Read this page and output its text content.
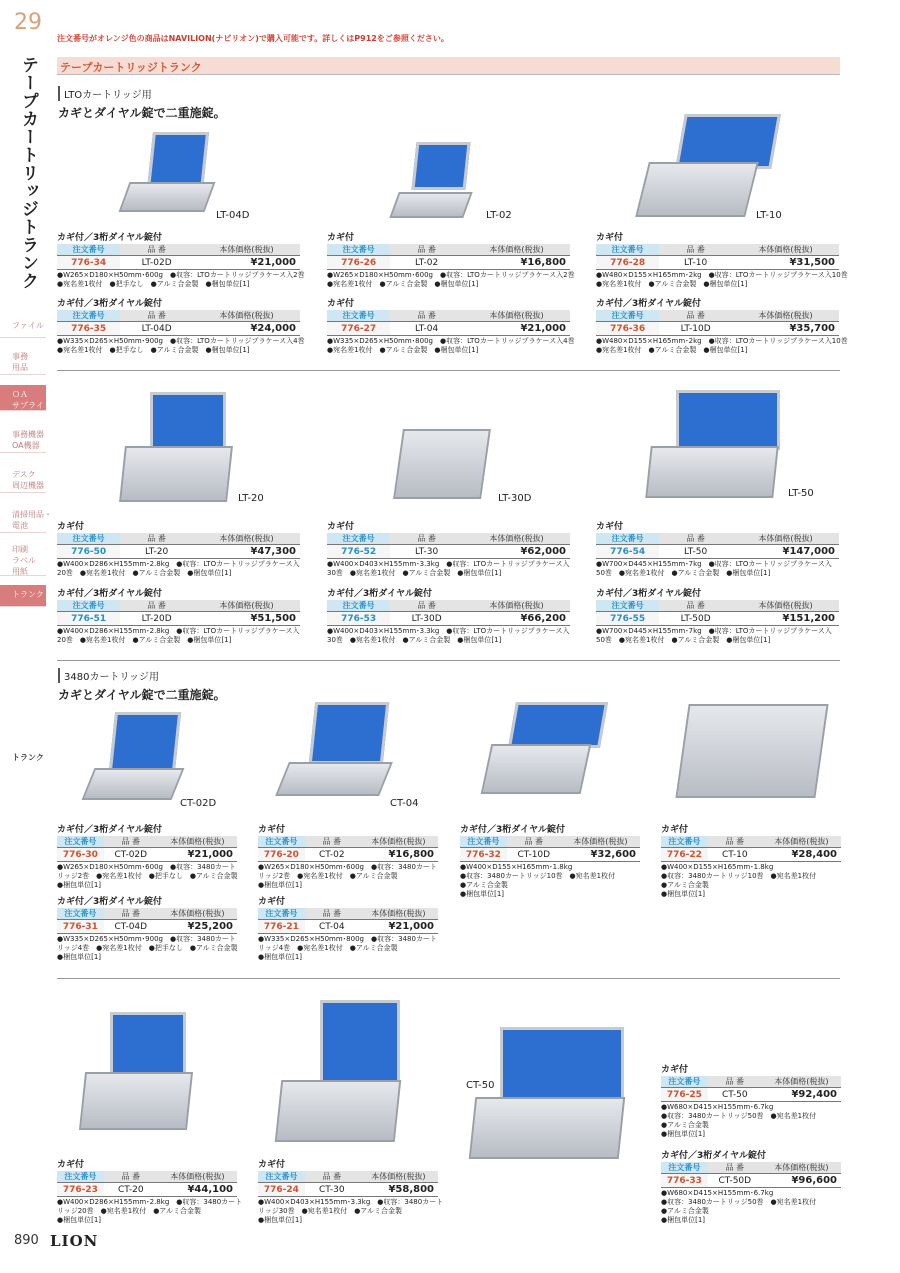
29
テープカートリッジトランク
ファイル
事務
用品
ＯＡ
サプライ
事務機器
OA機器
デスク
周辺機器
清掃用品・
電池
印刷
ラベル
用紙
トランク
トランク
注文番号がオレンジ色の商品はNAVILION(ナビリオン)で購入可能です。詳しくはP912をご参照ください。
テープカートリッジトランク
LTOカートリッジ用
カギとダイヤル錠で二重施錠。
LT-04D	LT-02	LT-10
カギ付／3桁ダイヤル錠付
注文番号	品 番	本体価格(税抜)
776-34	LT-02D	¥21,000
●W265×D180×H50mm･600g　●収容：LTOカートリッジプラケース入2巻
●宛名差1枚付　●把手なし　●アルミ合金製　●梱包単位[1]
カギ付
注文番号	品 番	本体価格(税抜)
776-26	LT-02	¥16,800
●W265×D180×H50mm･600g　●収容：LTOカートリッジプラケース入2巻
●宛名差1枚付　●アルミ合金製　●梱包単位[1]
カギ付
注文番号	品 番	本体価格(税抜)
776-28	LT-10	¥31,500
●W480×D155×H165mm･2kg　●収容：LTOカートリッジプラケース入10巻
●宛名差1枚付　●アルミ合金製　●梱包単位[1]
カギ付／3桁ダイヤル錠付
注文番号	品 番	本体価格(税抜)
776-35	LT-04D	¥24,000
●W335×D265×H50mm･900g　●収容：LTOカートリッジプラケース入4巻
●宛名差1枚付　●把手なし　●アルミ合金製　●梱包単位[1]
カギ付
注文番号	品 番	本体価格(税抜)
776-27	LT-04	¥21,000
●W335×D265×H50mm･800g　●収容：LTOカートリッジプラケース入4巻
●宛名差1枚付　●アルミ合金製　●梱包単位[1]
カギ付／3桁ダイヤル錠付
注文番号	品 番	本体価格(税抜)
776-36	LT-10D	¥35,700
●W480×D155×H165mm･2kg　●収容：LTOカートリッジプラケース入10巻
●宛名差1枚付　●アルミ合金製　●梱包単位[1]
LT-20	LT-30D	LT-50
カギ付
注文番号	品 番	本体価格(税抜)
776-50	LT-20	¥47,300
●W400×D286×H155mm･2.8kg　●収容：LTOカートリッジプラケース入
20巻　●宛名差1枚付　●アルミ合金製　●梱包単位[1]
カギ付
注文番号	品 番	本体価格(税抜)
776-52	LT-30	¥62,000
●W400×D403×H155mm･3.3kg　●収容：LTOカートリッジプラケース入
30巻　●宛名差1枚付　●アルミ合金製　●梱包単位[1]
カギ付
注文番号	品 番	本体価格(税抜)
776-54	LT-50	¥147,000
●W700×D445×H155mm･7kg　●収容：LTOカートリッジプラケース入
50巻　●宛名差1枚付　●アルミ合金製　●梱包単位[1]
カギ付／3桁ダイヤル錠付
注文番号	品 番	本体価格(税抜)
776-51	LT-20D	¥51,500
●W400×D286×H155mm･2.8kg　●収容：LTOカートリッジプラケース入
20巻　●宛名差1枚付　●アルミ合金製　●梱包単位[1]
カギ付／3桁ダイヤル錠付
注文番号	品 番	本体価格(税抜)
776-53	LT-30D	¥66,200
●W400×D403×H155mm･3.3kg　●収容：LTOカートリッジプラケース入
30巻　●宛名差1枚付　●アルミ合金製　●梱包単位[1]
カギ付／3桁ダイヤル錠付
注文番号	品 番	本体価格(税抜)
776-55	LT-50D	¥151,200
●W700×D445×H155mm･7kg　●収容：LTOカートリッジプラケース入
50巻　●宛名差1枚付　●アルミ合金製　●梱包単位[1]
3480カートリッジ用
カギとダイヤル錠で二重施錠。
CT-02D	CT-04
カギ付／3桁ダイヤル錠付
注文番号	品 番	本体価格(税抜)
776-30	CT-02D	¥21,000
●W265×D180×H50mm･600g　●収容：3480カート
リッジ2巻　●宛名差1枚付　●把手なし　●アルミ合金製
●梱包単位[1]
カギ付
注文番号	品 番	本体価格(税抜)
776-20	CT-02	¥16,800
●W265×D180×H50mm･600g　●収容：3480カート
リッジ2巻　●宛名差1枚付　●アルミ合金製
●梱包単位[1]
カギ付／3桁ダイヤル錠付
注文番号	品 番	本体価格(税抜)
776-32	CT-10D	¥32,600
●W400×D155×H165mm･1.8kg
●収容：3480カートリッジ10巻　●宛名差1枚付
●アルミ合金製
●梱包単位[1]
カギ付
注文番号	品 番	本体価格(税抜)
776-22	CT-10	¥28,400
●W400×D155×H165mm･1.8kg
●収容：3480カートリッジ10巻　●宛名差1枚付
●アルミ合金製
●梱包単位[1]
カギ付／3桁ダイヤル錠付
注文番号	品 番	本体価格(税抜)
776-31	CT-04D	¥25,200
●W335×D265×H50mm･900g　●収容：3480カート
リッジ4巻　●宛名差1枚付　●把手なし　●アルミ合金製
●梱包単位[1]
カギ付
注文番号	品 番	本体価格(税抜)
776-21	CT-04	¥21,000
●W335×D265×H50mm･800g　●収容：3480カート
リッジ4巻　●宛名差1枚付　●アルミ合金製
●梱包単位[1]
CT-50
カギ付
注文番号	品 番	本体価格(税抜)
776-23	CT-20	¥44,100
●W400×D286×H155mm･2.8kg　●収容：3480カート
リッジ20巻　●宛名差1枚付　●アルミ合金製
●梱包単位[1]
カギ付
注文番号	品 番	本体価格(税抜)
776-24	CT-30	¥58,800
●W400×D403×H155mm･3.3kg　●収容：3480カート
リッジ30巻　●宛名差1枚付　●アルミ合金製
●梱包単位[1]
カギ付
注文番号	品 番	本体価格(税抜)
776-25	CT-50	¥92,400
●W680×D415×H155mm･6.7kg
●収容：3480カートリッジ50巻　●宛名差1枚付
●アルミ合金製
●梱包単位[1]
カギ付／3桁ダイヤル錠付
注文番号	品 番	本体価格(税抜)
776-33	CT-50D	¥96,600
●W680×D415×H155mm･6.7kg
●収容：3480カートリッジ50巻　●宛名差1枚付
●アルミ合金製
●梱包単位[1]
890 LION
